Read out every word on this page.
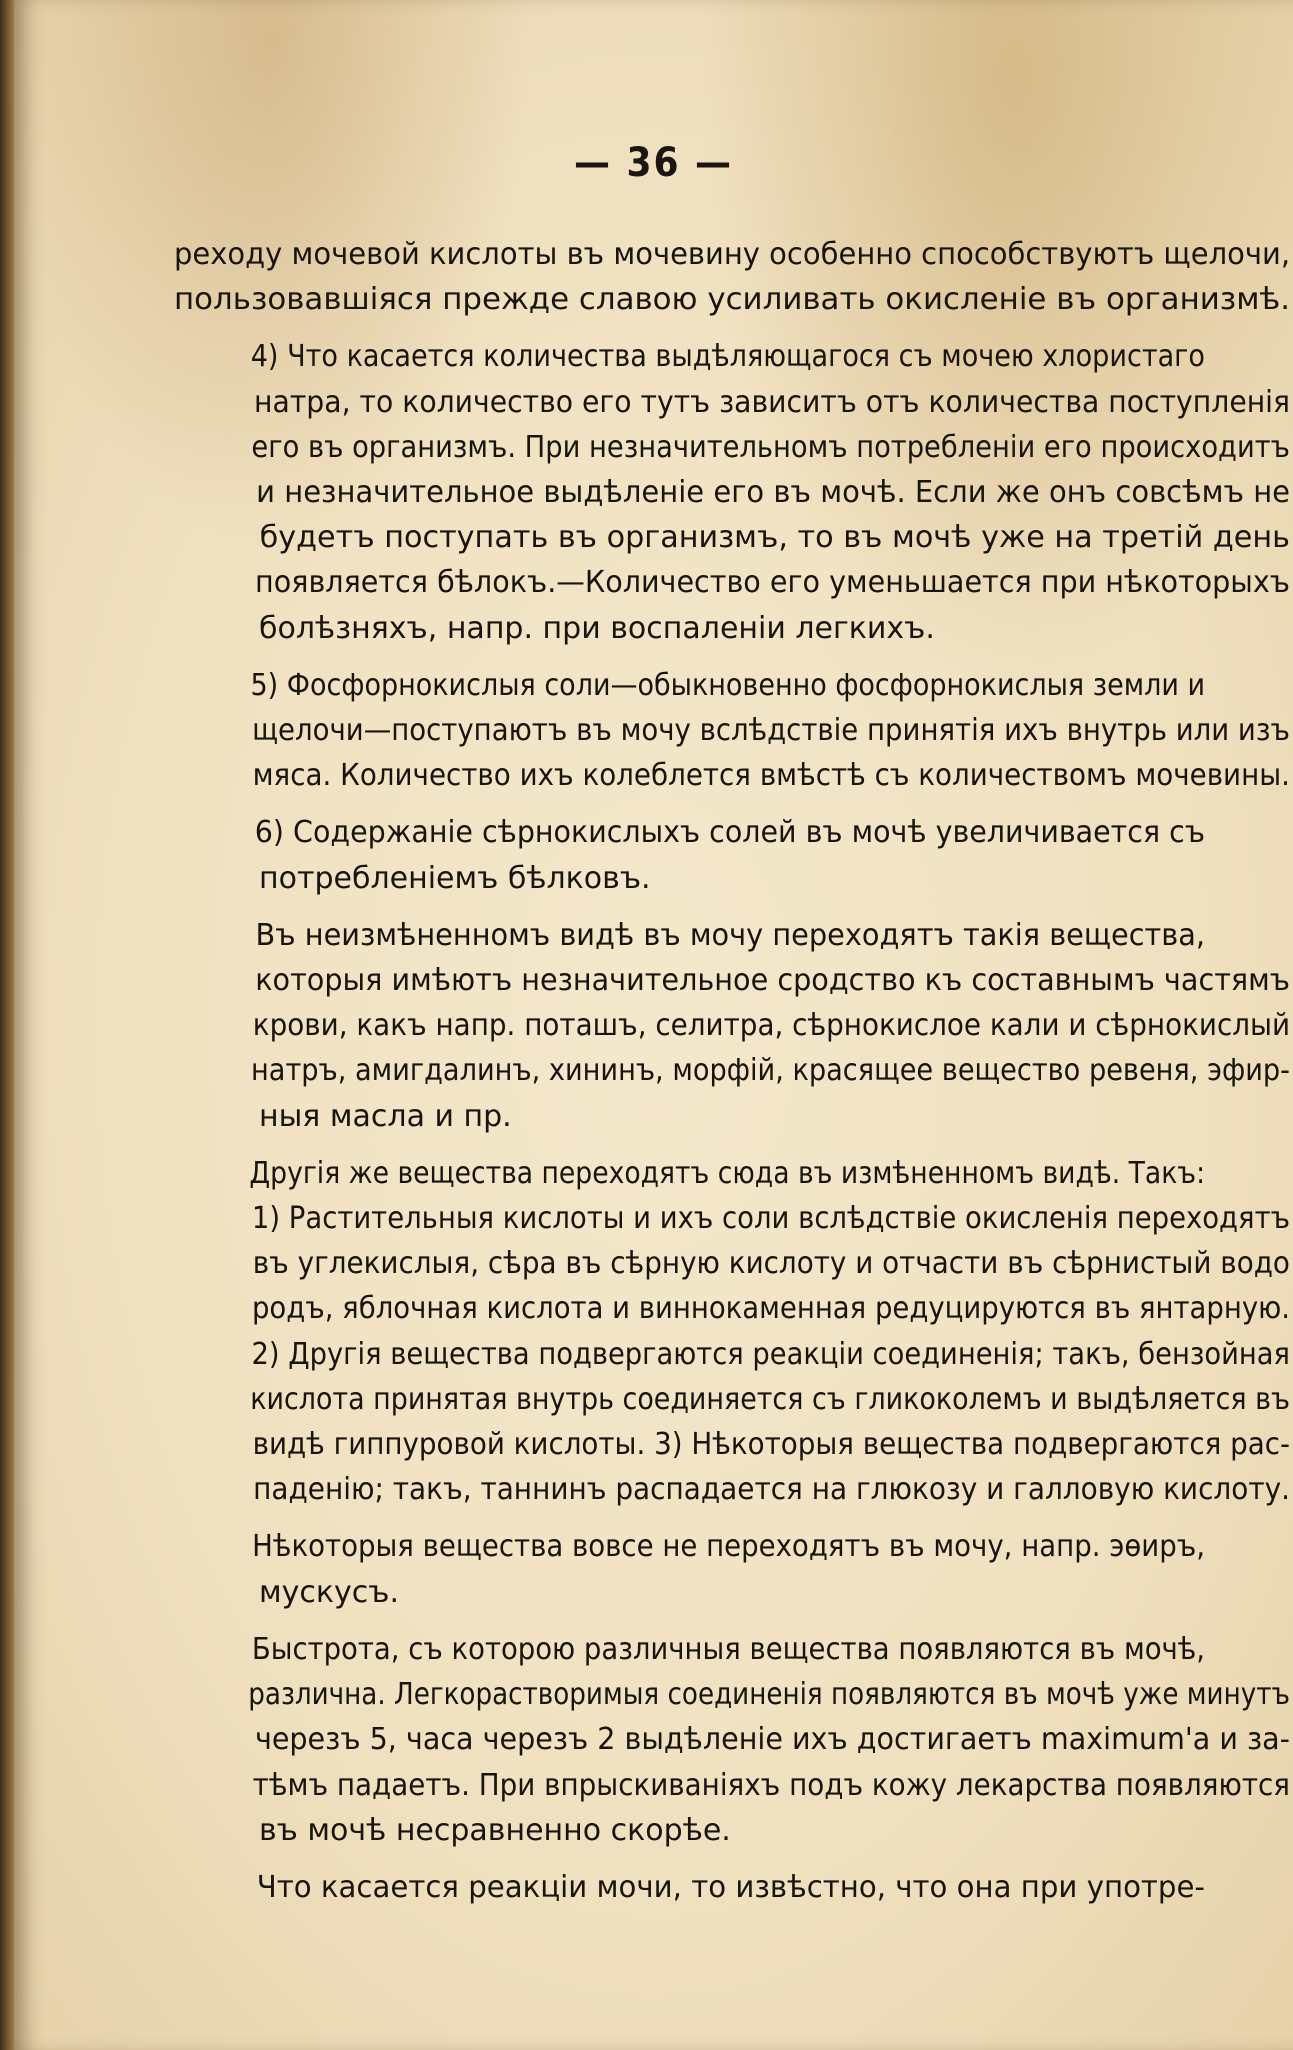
— 36 —

реходу мочевой кислоты въ мочевину особенно способствуютъ щелочи,
пользовавшіяся прежде славою усиливать окисленіе въ организмѣ.

4) Что касается количества выдѣляющагося съ мочею хлористаго
натра, то количество его тутъ зависитъ отъ количества поступленія
его въ организмъ. При незначительномъ потребленіи его происходитъ
и незначительное выдѣленіе его въ мочѣ. Если же онъ совсѣмъ не
будетъ поступать въ организмъ, то въ мочѣ уже на третій день
появляется бѣлокъ.—Количество его уменьшается при нѣкоторыхъ
болѣзняхъ, напр. при воспаленіи легкихъ.

5) Фосфорнокислыя соли—обыкновенно фосфорнокислыя земли и
щелочи—поступаютъ въ мочу вслѣдствіе принятія ихъ внутрь или изъ
мяса. Количество ихъ колеблется вмѣстѣ съ количествомъ мочевины.

6) Содержаніе сѣрнокислыхъ солей въ мочѣ увеличивается съ
потребленіемъ бѣлковъ.

Въ неизмѣненномъ видѣ въ мочу переходятъ такія вещества,
которыя имѣютъ незначительное сродство къ составнымъ частямъ
крови, какъ напр. поташъ, селитра, сѣрнокислое кали и сѣрнокислый
натръ, амигдалинъ, хининъ, морфій, красящее вещество ревеня, эфир-
ныя масла и пр.

Другія же вещества переходятъ сюда въ измѣненномъ видѣ. Такъ:
1) Растительныя кислоты и ихъ соли вслѣдствіе окисленія переходятъ
въ углекислыя, сѣра въ сѣрную кислоту и отчасти въ сѣрнистый водо
родъ, яблочная кислота и виннокаменная редуцируются въ янтарную.
2) Другія вещества подвергаются реакціи соединенія; такъ, бензойная
кислота принятая внутрь соединяется съ гликоколемъ и выдѣляется въ
видѣ гиппуровой кислоты. 3) Нѣкоторыя вещества подвергаются рас-
паденію; такъ, таннинъ распадается на глюкозу и галловую кислоту.

Нѣкоторыя вещества вовсе не переходятъ въ мочу, напр. эѳиръ,
мускусъ.

Быстрота, съ которою различныя вещества появляются въ мочѣ,
различна. Легкорастворимыя соединенія появляются въ мочѣ уже минутъ
черезъ 5, часа черезъ 2 выдѣленіе ихъ достигаетъ maximum'a и за-
тѣмъ падаетъ. При впрыскиваніяхъ подъ кожу лекарства появляются
въ мочѣ несравненно скорѣе.

Что касается реакціи мочи, то извѣстно, что она при употре-
